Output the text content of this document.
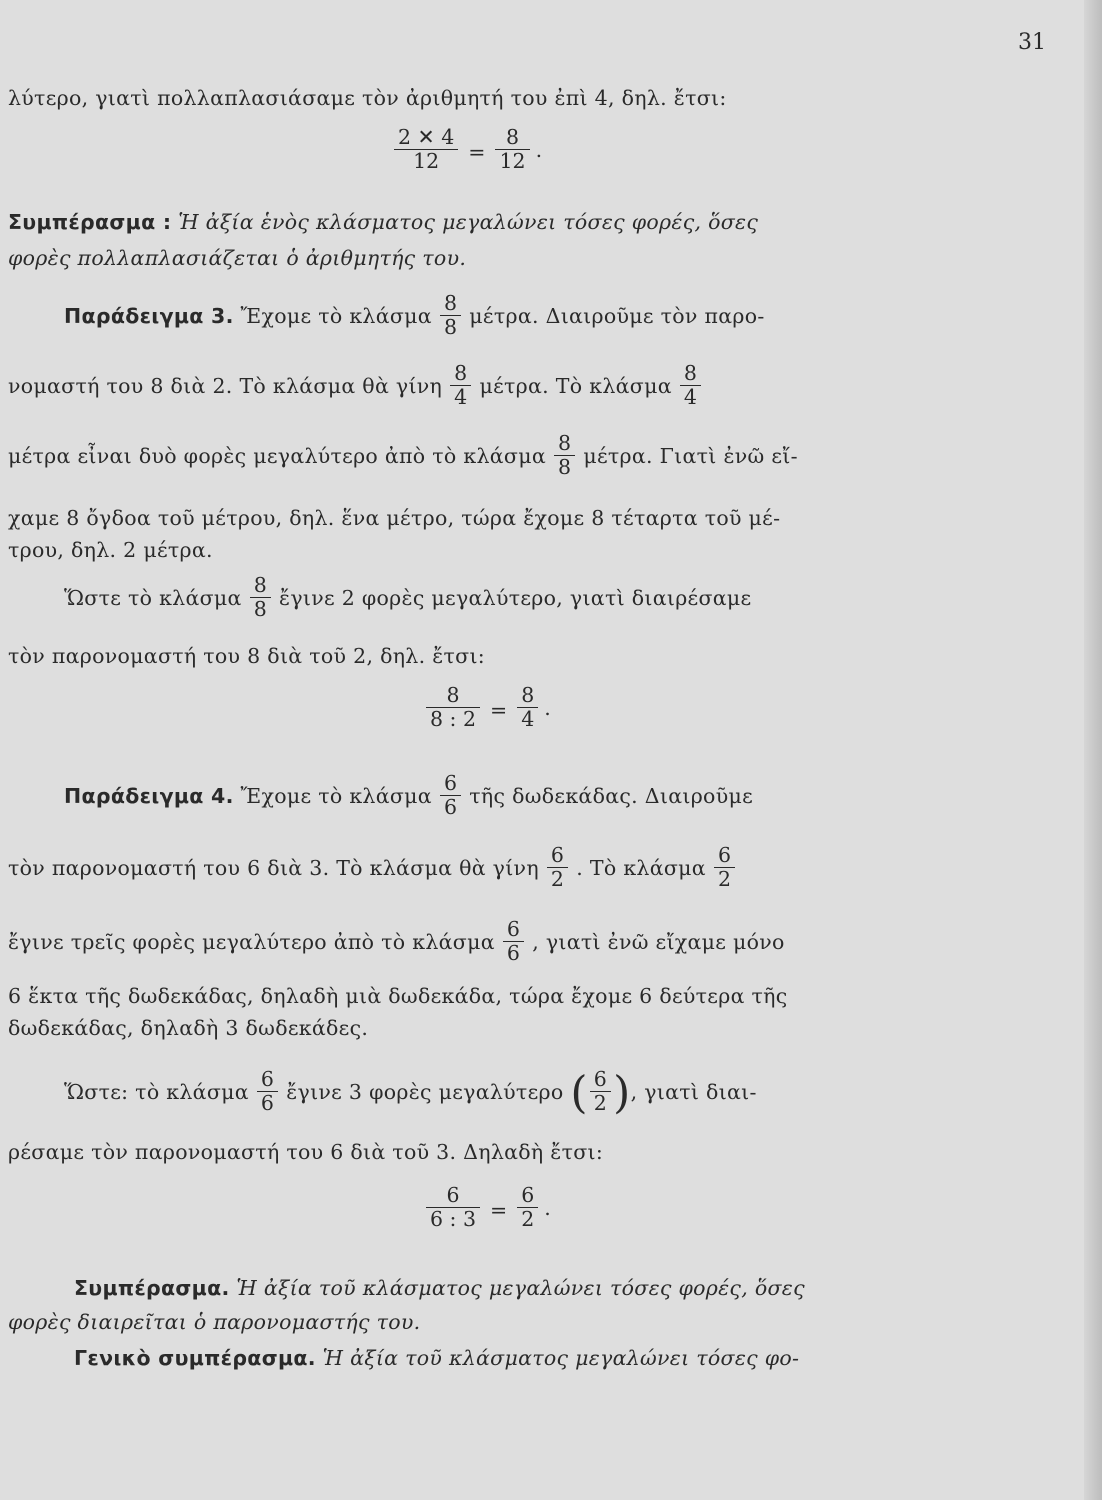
31
λύτερο, γιατὶ πολλαπλασιάσαμε τὸν ἀριθμητή του ἐπὶ 4, δηλ. ἔτσι:
$\frac{2 ✕ 4}{12} = \frac{8}{12}$ .
Συμπέρασμα : Ἡ ἀξία ἑνὸς κλάσματος μεγαλώνει τόσες φορές, ὅσες
φορὲς πολλαπλασιάζεται ὁ ἀριθμητής του.
Παράδειγμα 3. Ἔχομε τὸ κλάσμα $\frac{8}{8} \mu έ\tau\rho\alpha$. Διαιροῦμε τὸν παρο-
νομαστή του 8 διὰ 2. Τὸ κλάσμα θὰ γίνη $\frac{8}{4} \mu έ\tau\rho\alpha$. Τὸ κλάσμα $\frac{8}{4}$
μέτρα εἶναι δυὸ φορὲς μεγαλύτερο ἀπὸ τὸ κλάσμα $\frac{8}{8} \mu έ\tau\rho\alpha$. Γιατὶ ἐνῶ εἴ-
χαμε 8 ὄγδοα τοῦ μέτρου, δηλ. ἕνα μέτρο, τώρα ἔχομε 8 τέταρτα τοῦ μέ-
τρου, δηλ. 2 μέτρα.
Ὥστε τὸ κλάσμα $\frac{8}{8}$ ἔγινε 2 φορὲς μεγαλύτερο, γιατὶ διαιρέσαμε
τὸν παρονομαστή του 8 διὰ τοῦ 2, δηλ. ἔτσι:
$\frac{8}{8 : 2} = \frac{8}{4}$ .
Παράδειγμα 4. Ἔχομε τὸ κλάσμα $\frac{6}{6}$ τῆς δωδεκάδας. Διαιροῦμε
τὸν παρονομαστή του 6 διὰ 3. Τὸ κλάσμα θὰ γίνη $\frac{6}{2}$ . Τὸ κλάσμα $\frac{6}{2}$
ἔγινε τρεῖς φορὲς μεγαλύτερο ἀπὸ τὸ κλάσμα $\frac{6}{6}$ , γιατὶ ἐνῶ εἴχαμε μόνο
6 ἕκτα τῆς δωδεκάδας, δηλαδὴ μιὰ δωδεκάδα, τώρα ἔχομε 6 δεύτερα τῆς
δωδεκάδας, δηλαδὴ 3 δωδεκάδες.
Ὥστε: τὸ κλάσμα $\frac{6}{6}$ ἔγινε 3 φορὲς μεγαλύτερο ( $\frac{6}{2}$ ), γιατὶ διαι-
ρέσαμε τὸν παρονομαστή του 6 διὰ τοῦ 3. Δηλαδὴ ἔτσι:
$\frac{6}{6 : 3} = \frac{6}{2}$ .
Συμπέρασμα. Ἡ ἀξία τοῦ κλάσματος μεγαλώνει τόσες φορές, ὅσες
φορὲς διαιρεῖται ὁ παρονομαστής του.
Γενικὸ συμπέρασμα. Ἡ ἀξία τοῦ κλάσματος μεγαλώνει τόσες φο-
